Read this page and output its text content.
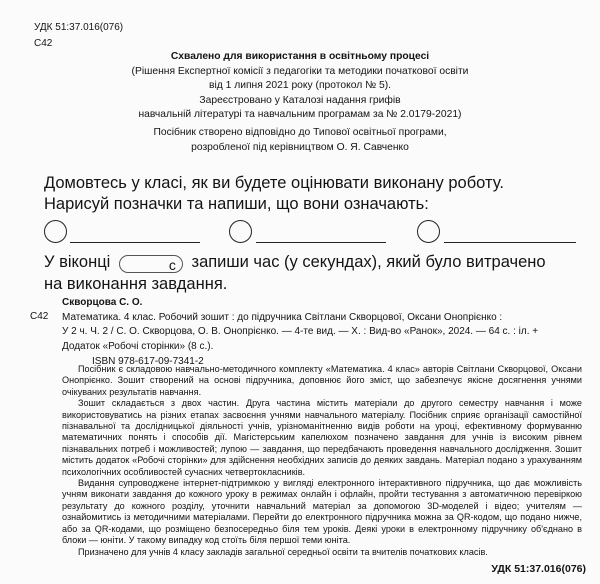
УДК 51:37.016(076)
С42
Схвалено для використання в освітньому процесі
(Рішення Експертної комісії з педагогіки та методики початкової освіти
від 1 липня 2021 року (протокол № 5).
Зареєстровано у Каталозі надання грифів
навчальній літературі та навчальним програмам за № 2.0179-2021)
Посібник створено відповідно до Типової освітньої програми,
розробленої під керівництвом О. Я. Савченко
Домовтесь у класі, як ви будете оцінювати виконану роботу.
Нарисуй позначки та напиши, що вони означають:
У віконці	с запиши час (у секундах), який було витрачено
на виконання завдання.
С42
Скворцова С. О.
Математика. 4 клас. Робочий зошит : до підручника Світлани Скворцової, Оксани Онопрієнко :
У 2 ч. Ч. 2 / С. О. Скворцова, О. В. Онопрієнко. — 4-те вид. — Х. : Вид-во «Ранок», 2024. — 64 с. : іл. +
Додаток «Робочі сторінки» (8 с.).
ISBN 978-617-09-7341-2

Посібник є складовою навчально-методичного комплекту «Математика. 4 клас» авторів Світлани Скворцової, Оксани Онопрієнко. Зошит створений на основі підручника, доповнює його зміст, що забезпечує якісне досягнення учнями очікуваних результатів навчання.

Зошит складається з двох частин. Друга частина містить матеріали до другого семестру навчання і може використовуватись на різних етапах засвоєння учнями навчального матеріалу. Посібник сприяє організації самостійної пізнавальної та дослідницької діяльності учнів, урізноманітненню видів роботи на уроці, ефективному формуванню математичних понять і способів дії. Магістерським капелюхом позначено завдання для учнів із високим рівнем пізнавальних потреб і можливостей; лупою — завдання, що передбачають проведення навчального дослідження. Зошит містить додаток «Робочі сторінки» для здійснення необхідних записів до деяких завдань. Матеріал подано з урахуванням психологічних особливостей сучасних четвертокласників.

Видання супроводжене інтернет-підтримкою у вигляді електронного інтерактивного підручника, що дає можливість учням виконати завдання до кожного уроку в режимах онлайн і офлайн, пройти тестування з автоматичною перевіркою результату до кожного розділу, уточнити навчальний матеріал за допомогою 3D-моделей і відео; учителям — ознайомитись із методичними матеріалами. Перейти до електронного підручника можна за QR-кодом, що подано нижче, або за QR-кодами, що розміщено безпосередньо біля тем уроків. Деякі уроки в електронному підручнику об'єднано в блоки — юніти. У такому випадку код стоїть біля першої теми юніта.

Призначено для учнів 4 класу закладів загальної середньої освіти та вчителів початкових класів.

УДК 51:37.016(076)
